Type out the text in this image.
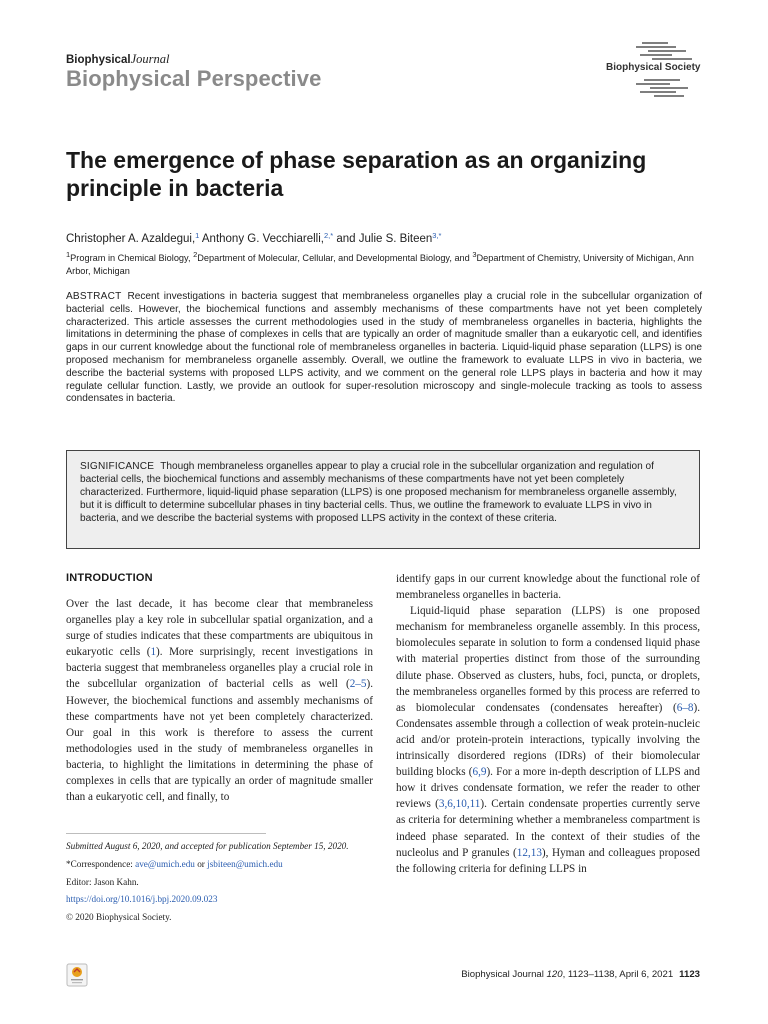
BiophysicalJournal
Biophysical Perspective	Biophysical Society
The emergence of phase separation as an organizing principle in bacteria
Christopher A. Azaldegui,$^1$ Anthony G. Vecchiarelli,$^{2,*}$ and Julie S. Biteen$^{3,*}$
$^1$Program in Chemical Biology, $^2$Department of Molecular, Cellular, and Developmental Biology, and $^3$Department of Chemistry, University of Michigan, Ann Arbor, Michigan
ABSTRACT Recent investigations in bacteria suggest that membraneless organelles play a crucial role in the subcellular organization of bacterial cells. However, the biochemical functions and assembly mechanisms of these compartments have not yet been completely characterized. This article assesses the current methodologies used in the study of membraneless organelles in bacteria, highlights the limitations in determining the phase of complexes in cells that are typically an order of magnitude smaller than a eukaryotic cell, and identifies gaps in our current knowledge about the functional role of membraneless organelles in bacteria. Liquid-liquid phase separation (LLPS) is one proposed mechanism for membraneless organelle assembly. Overall, we outline the framework to evaluate LLPS in vivo in bacteria, we describe the bacterial systems with proposed LLPS activity, and we comment on the general role LLPS plays in bacteria and how it may regulate cellular function. Lastly, we provide an outlook for super-resolution microscopy and single-molecule tracking as tools to assess condensates in bacteria.
SIGNIFICANCE Though membraneless organelles appear to play a crucial role in the subcellular organization and regulation of bacterial cells, the biochemical functions and assembly mechanisms of these compartments have not yet been completely characterized. Furthermore, liquid-liquid phase separation (LLPS) is one proposed mechanism for membraneless organelle assembly, but it is difficult to determine subcellular phases in tiny bacterial cells. Thus, we outline the framework to evaluate LLPS in vivo in bacteria, and we describe the bacterial systems with proposed LLPS activity in the context of these criteria.
INTRODUCTION

Over the last decade, it has become clear that membraneless organelles play a key role in subcellular spatial organization, and a surge of studies indicates that these compartments are ubiquitous in eukaryotic cells (1). More surprisingly, recent investigations in bacteria suggest that membraneless organelles play a crucial role in the subcellular organization of bacterial cells as well (2–5). However, the biochemical functions and assembly mechanisms of these compartments have not yet been completely characterized. Our goal in this work is therefore to assess the current methodologies used in the study of membraneless organelles in bacteria, to highlight the limitations in determining the phase of complexes in cells that are typically an order of magnitude smaller than a eukaryotic cell, and finally, to

identify gaps in our current knowledge about the functional role of membraneless organelles in bacteria.

Liquid-liquid phase separation (LLPS) is one proposed mechanism for membraneless organelle assembly. In this process, biomolecules separate in solution to form a condensed liquid phase with material properties distinct from those of the surrounding dilute phase. Observed as clusters, hubs, foci, puncta, or droplets, the membraneless organelles formed by this process are referred to as biomolecular condensates (condensates hereafter) (6–8). Condensates assemble through a collection of weak protein-nucleic acid and/or protein-protein interactions, typically involving the intrinsically disordered regions (IDRs) of their biomolecular building blocks (6,9). For a more in-depth description of LLPS and how it drives condensate formation, we refer the reader to other reviews (3,6,10,11). Certain condensate properties currently serve as criteria for determining whether a membraneless compartment is indeed phase separated. In the context of their studies of the nucleolus and P granules (12,13), Hyman and colleagues proposed the following criteria for defining LLPS in

Submitted August 6, 2020, and accepted for publication September 15, 2020.
*Correspondence: ave@umich.edu or jsbiteen@umich.edu
Editor: Jason Kahn.
https://doi.org/10.1016/j.bpj.2020.09.023
© 2020 Biophysical Society.
Biophysical Journal 120, 1123–1138, April 6, 2021 1123
